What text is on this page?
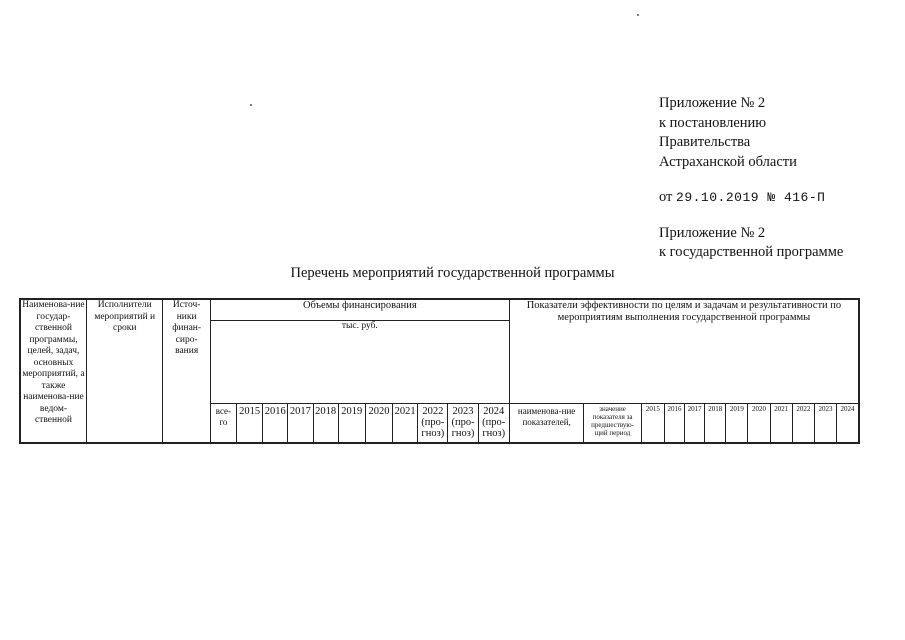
Приложение № 2
к постановлению
Правительства
Астраханской области
от 29.10.2019 № 416-П
Приложение № 2
к государственной программе
Перечень мероприятий государственной программы
Наименова-ние государ-ственной программы, целей, задач, основных мероприятий, а также наименова-ние ведом-ственной	Исполнители мероприятий и сроки	Источ-ники финан-сиро-вания	Объемы финансирования											Показатели эффективности по целям и задачам и результативности по мероприятиям выполнения государственной программы											
			тыс. руб.																						
			все-го	2015	2016	2017	2018	2019	2020	2021	2022 (про-гноз)	2023 (про-гноз)	2024 (про-гноз)	наименова-ние показателей,	значение показателя за предшествую-щий период	2015	2016	2017	2018	2019	2020	2021	2022	2023	2024
